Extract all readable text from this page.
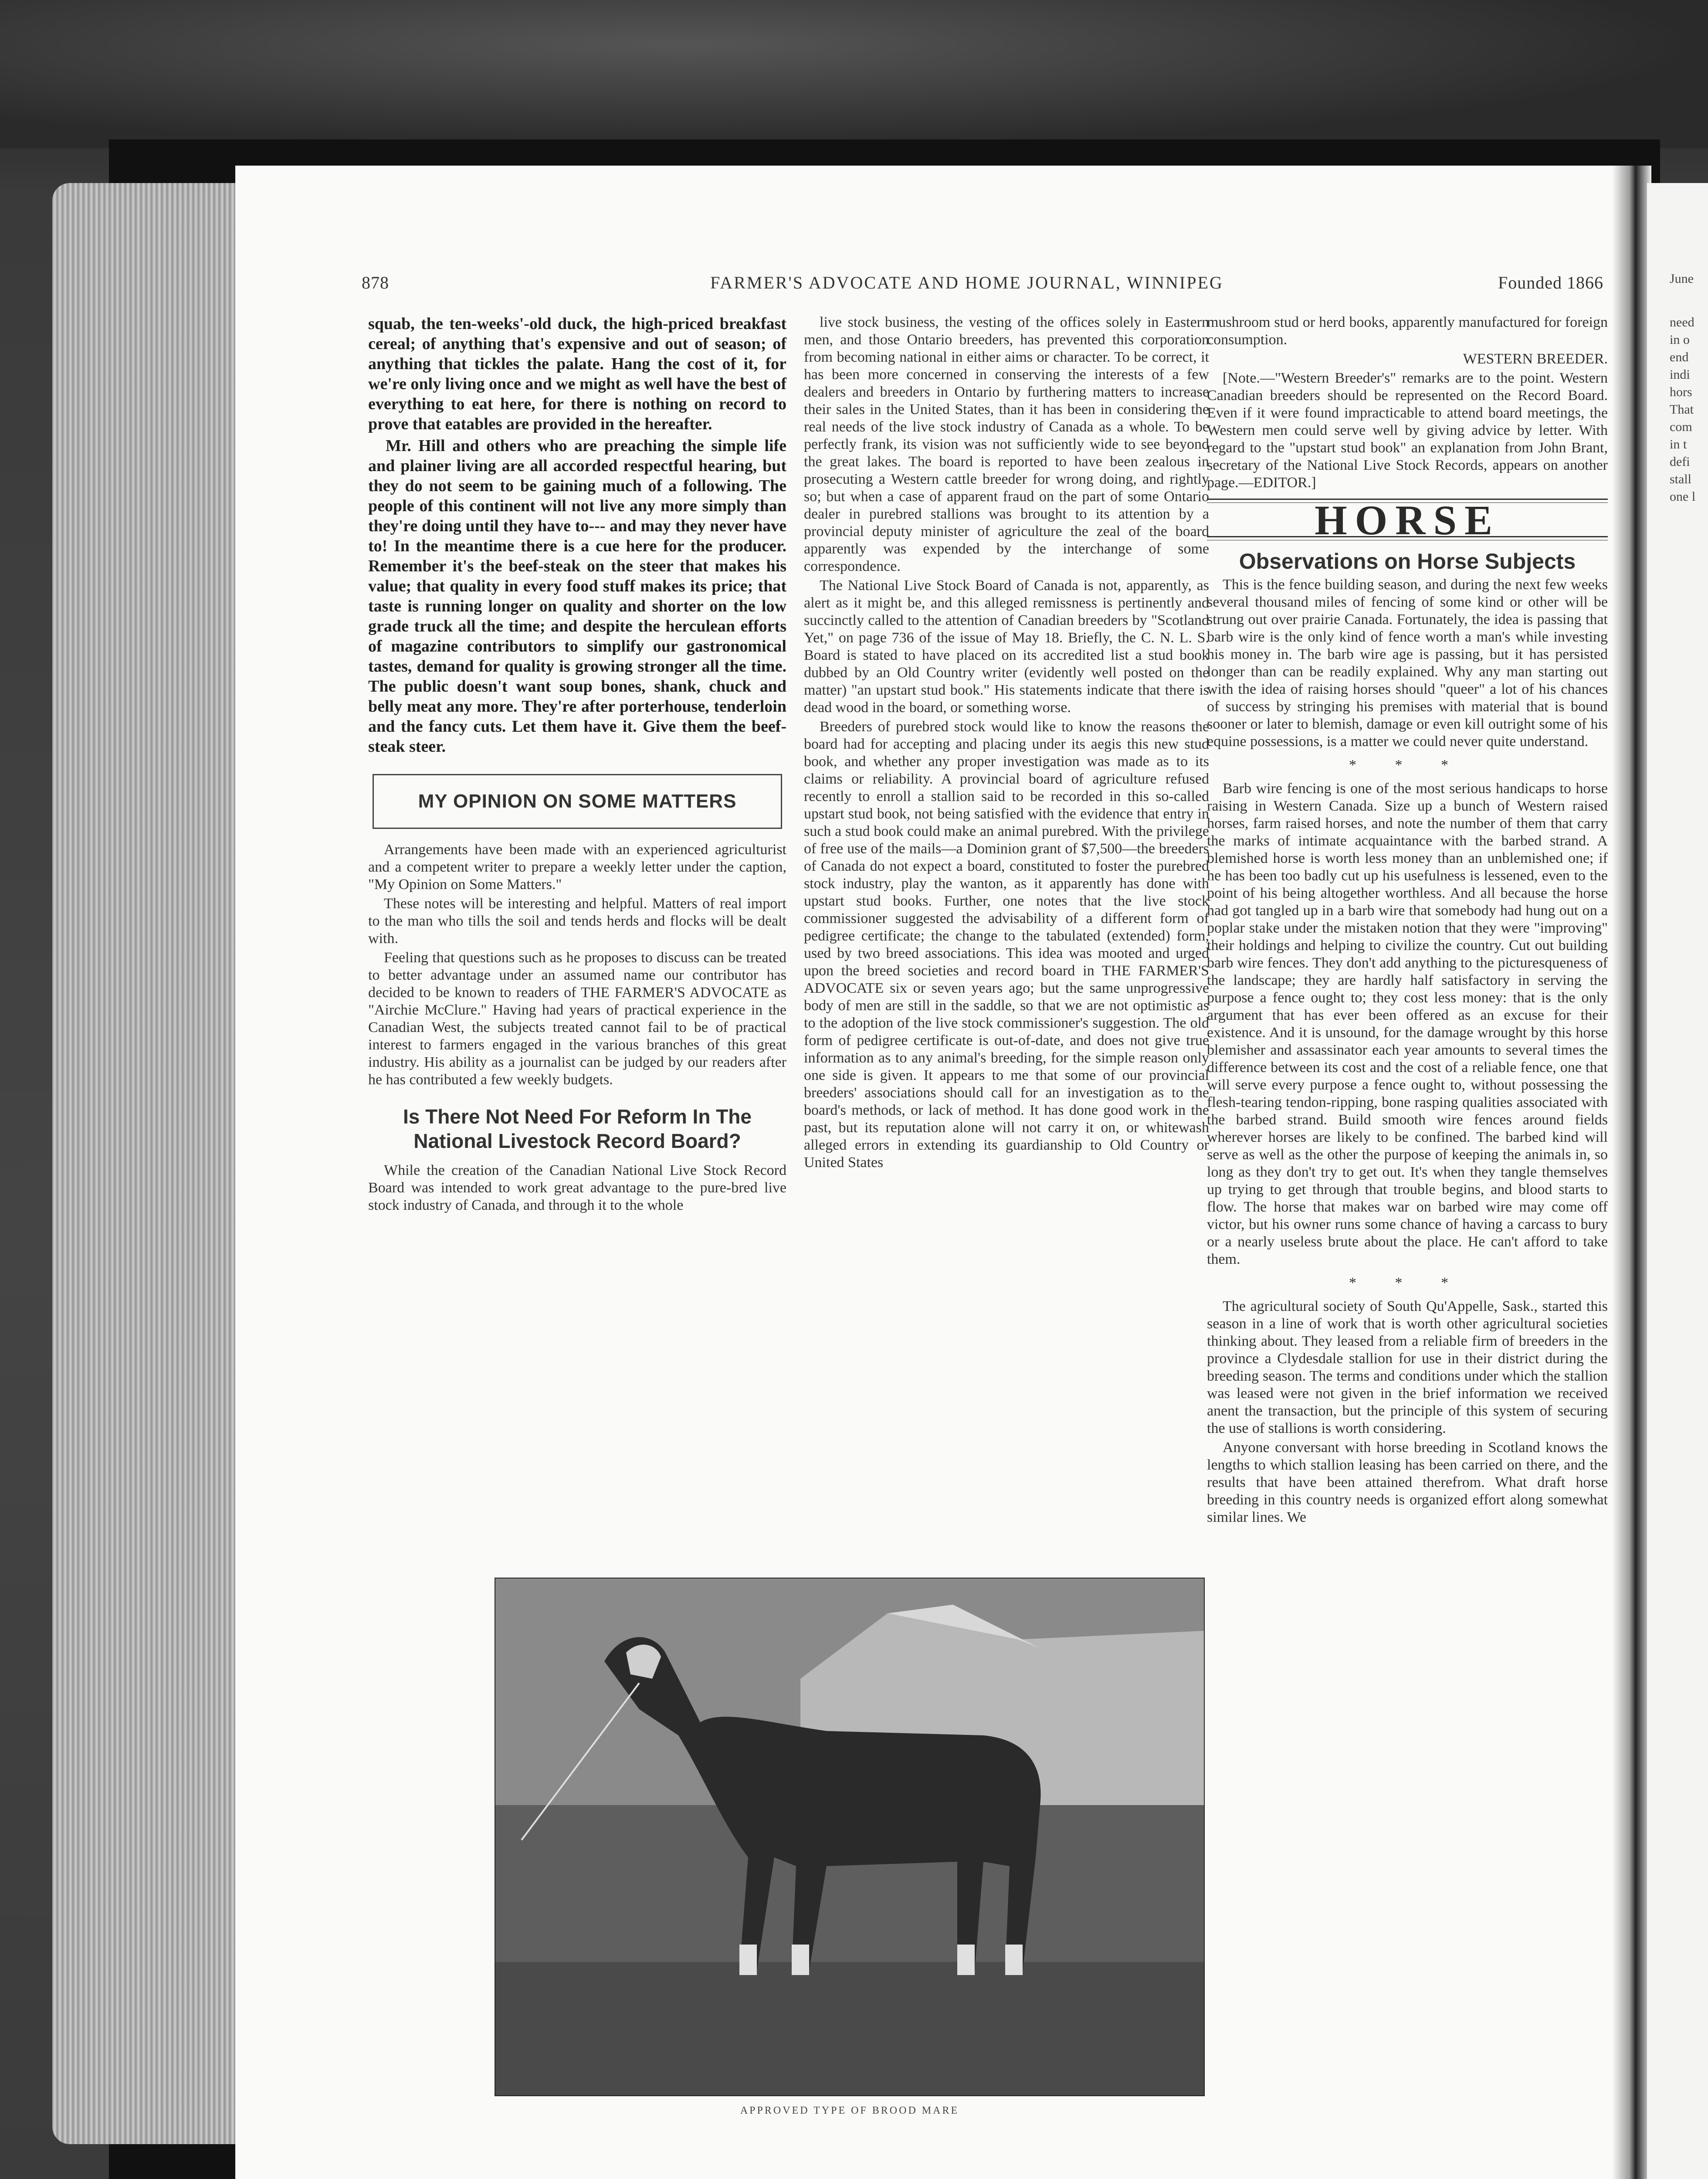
878	FARMER'S ADVOCATE AND HOME JOURNAL, WINNIPEG	Founded 1866

squab, the ten-weeks'-old duck, the high-priced breakfast cereal; of anything that's expensive and out of season; of anything that tickles the palate. Hang the cost of it, for we're only living once and we might as well have the best of everything to eat here, for there is nothing on record to prove that eatables are provided in the hereafter.

Mr. Hill and others who are preaching the simple life and plainer living are all accorded respectful hearing, but they do not seem to be gaining much of a following. The people of this continent will not live any more simply than they're doing until they have to--- and may they never have to! In the meantime there is a cue here for the producer. Remember it's the beef-steak on the steer that makes his value; that quality in every food stuff makes its price; that taste is running longer on quality and shorter on the low grade truck all the time; and despite the herculean efforts of magazine contributors to simplify our gastronomical tastes, demand for quality is growing stronger all the time. The public doesn't want soup bones, shank, chuck and belly meat any more. They're after porterhouse, tenderloin and the fancy cuts. Let them have it. Give them the beef-steak steer.

MY OPINION ON SOME MATTERS

Arrangements have been made with an experienced agriculturist and a competent writer to prepare a weekly letter under the caption, "My Opinion on Some Matters."

These notes will be interesting and helpful. Matters of real import to the man who tills the soil and tends herds and flocks will be dealt with.

Feeling that questions such as he proposes to discuss can be treated to better advantage under an assumed name our contributor has decided to be known to readers of THE FARMER'S ADVOCATE as "Airchie McClure." Having had years of practical experience in the Canadian West, the subjects treated cannot fail to be of practical interest to farmers engaged in the various branches of this great industry. His ability as a journalist can be judged by our readers after he has contributed a few weekly budgets.

Is There Not Need For Reform In The National Livestock Record Board?

While the creation of the Canadian National Live Stock Record Board was intended to work great advantage to the pure-bred live stock industry of Canada, and through it to the whole

live stock business, the vesting of the offices solely in Eastern men, and those Ontario breeders, has prevented this corporation from becoming national in either aims or character. To be correct, it has been more concerned in conserving the interests of a few dealers and breeders in Ontario by furthering matters to increase their sales in the United States, than it has been in considering the real needs of the live stock industry of Canada as a whole. To be perfectly frank, its vision was not sufficiently wide to see beyond the great lakes. The board is reported to have been zealous in prosecuting a Western cattle breeder for wrong doing, and rightly so; but when a case of apparent fraud on the part of some Ontario dealer in purebred stallions was brought to its attention by a provincial deputy minister of agriculture the zeal of the board apparently was expended by the interchange of some correspondence.

The National Live Stock Board of Canada is not, apparently, as alert as it might be, and this alleged remissness is pertinently and succinctly called to the attention of Canadian breeders by "Scotland Yet," on page 736 of the issue of May 18. Briefly, the C. N. L. S. Board is stated to have placed on its accredited list a stud book dubbed by an Old Country writer (evidently well posted on the matter) "an upstart stud book." His statements indicate that there is dead wood in the board, or something worse.

Breeders of purebred stock would like to know the reasons the board had for accepting and placing under its aegis this new stud book, and whether any proper investigation was made as to its claims or reliability. A provincial board of agriculture refused recently to enroll a stallion said to be recorded in this so-called upstart stud book, not being satisfied with the evidence that entry in such a stud book could make an animal purebred. With the privilege of free use of the mails—a Dominion grant of $7,500—the breeders of Canada do not expect a board, constituted to foster the purebred stock industry, play the wanton, as it apparently has done with upstart stud books. Further, one notes that the live stock commissioner suggested the advisability of a different form of pedigree certificate; the change to the tabulated (extended) form, used by two breed associations. This idea was mooted and urged upon the breed societies and record board in THE FARMER'S ADVOCATE six or seven years ago; but the same unprogressive body of men are still in the saddle, so that we are not optimistic as to the adoption of the live stock commissioner's suggestion. The old form of pedigree certificate is out-of-date, and does not give true information as to any animal's breeding, for the simple reason only one side is given. It appears to me that some of our provincial breeders' associations should call for an investigation as to the board's methods, or lack of method. It has done good work in the past, but its reputation alone will not carry it on, or whitewash alleged errors in extending its guardianship to Old Country or United States

mushroom stud or herd books, apparently manufactured for foreign consumption.

WESTERN BREEDER.

[Note.—"Western Breeder's" remarks are to the point. Western Canadian breeders should be represented on the Record Board. Even if it were found impracticable to attend board meetings, the Western men could serve well by giving advice by letter. With regard to the "upstart stud book" an explanation from John Brant, secretary of the National Live Stock Records, appears on another page.—EDITOR.]

HORSE
Observations on Horse Subjects

This is the fence building season, and during the next few weeks several thousand miles of fencing of some kind or other will be strung out over prairie Canada. Fortunately, the idea is passing that barb wire is the only kind of fence worth a man's while investing his money in. The barb wire age is passing, but it has persisted longer than can be readily explained. Why any man starting out with the idea of raising horses should "queer" a lot of his chances of success by stringing his premises with material that is bound sooner or later to blemish, damage or even kill outright some of his equine possessions, is a matter we could never quite understand.

* * *

Barb wire fencing is one of the most serious handicaps to horse raising in Western Canada. Size up a bunch of Western raised horses, farm raised horses, and note the number of them that carry the marks of intimate acquaintance with the barbed strand. A blemished horse is worth less money than an unblemished one; if he has been too badly cut up his usefulness is lessened, even to the point of his being altogether worthless. And all because the horse had got tangled up in a barb wire that somebody had hung out on a poplar stake under the mistaken notion that they were "improving" their holdings and helping to civilize the country. Cut out building barb wire fences. They don't add anything to the picturesqueness of the landscape; they are hardly half satisfactory in serving the purpose a fence ought to; they cost less money: that is the only argument that has ever been offered as an excuse for their existence. And it is unsound, for the damage wrought by this horse blemisher and assassinator each year amounts to several times the difference between its cost and the cost of a reliable fence, one that will serve every purpose a fence ought to, without possessing the flesh-tearing tendon-ripping, bone rasping qualities associated with the barbed strand. Build smooth wire fences around fields wherever horses are likely to be confined. The barbed kind will serve as well as the other the purpose of keeping the animals in, so long as they don't try to get out. It's when they tangle themselves up trying to get through that trouble begins, and blood starts to flow. The horse that makes war on barbed wire may come off victor, but his owner runs some chance of having a carcass to bury or a nearly useless brute about the place. He can't afford to take them.

* * *

The agricultural society of South Qu'Appelle, Sask., started this season in a line of work that is worth other agricultural societies thinking about. They leased from a reliable firm of breeders in the province a Clydesdale stallion for use in their district during the breeding season. The terms and conditions under which the stallion was leased were not given in the brief information we received anent the transaction, but the principle of this system of securing the use of stallions is worth considering.

Anyone conversant with horse breeding in Scotland knows the lengths to which stallion leasing has been carried on there, and the results that have been attained therefrom. What draft horse breeding in this country needs is organized effort along somewhat similar lines. We

APPROVED TYPE OF BROOD MARE
June
need
in o
end
indi
hors
That
com
in t
defi
stall
one l
